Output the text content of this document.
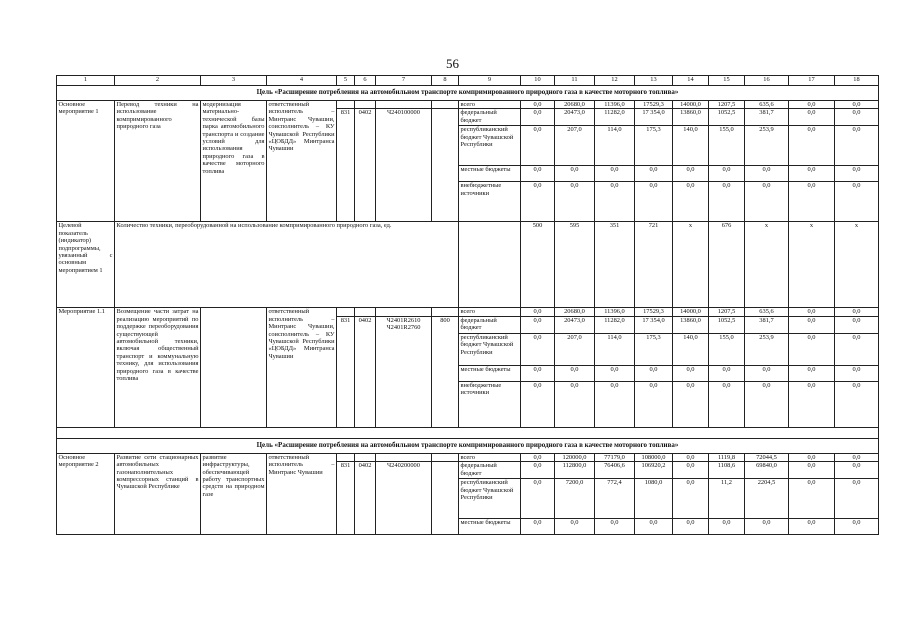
56
1	2	3	4	5	6	7	8	9	10	11	12	13	14	15	16	17	18
Цель «Расширение потребления на автомобильном транспорте компримированного природного газа в качестве моторного топлива»																	
Основное мероприятие 1	Перевод техники на использование компримированного природного газа	модернизация материально-технической базы парка автомобильного транспорта и создание условий для использования природного газа в качестве моторного топлива	ответственный исполнитель – Минтранс Чувашии, соисполнитель – КУ Чувашской Республики «ЦОБДД» Минтранса Чувашии					всего	0,0	20680,0	11396,0	17529,3	14000,0	1207,5	635,6	0,0	0,0
				831	0402	Ч240100000		федеральный бюджет	0,0	20473,0	11282,0	17 354,0	13860,0	1052,5	381,7	0,0	0,0
								республиканский бюджет Чувашской Республики	0,0	207,0	114,0	175,3	140,0	155,0	253,9	0,0	0,0
								местные бюджеты	0,0	0,0	0,0	0,0	0,0	0,0	0,0	0,0	0,0
								внебюджетные источники	0,0	0,0	0,0	0,0	0,0	0,0	0,0	0,0	0,0
Целевой показатель (индикатор) подпрограммы, увязанный с основным мероприятием 1	Количество техники, переоборудованной на использование компримированного природного газа, ед.								500	595	351	721	x	676	x	x	x
Мероприятие 1.1	Возмещение части затрат на реализацию мероприятий по поддержке переоборудования существующей автомобильной техники, включая общественный транспорт и коммунальную технику, для использования природного газа в качестве топлива		ответственный исполнитель – Минтранс Чувашии, соисполнитель – КУ Чувашской Республики «ЦОБДД» Минтранса Чувашии					всего	0,0	20680,0	11396,0	17529,3	14000,0	1207,5	635,6	0,0	0,0
				831	0402	Ч2401R2610 Ч2401R2760	800	федеральный бюджет	0,0	20473,0	11282,0	17 354,0	13860,0	1052,5	381,7	0,0	0,0
								республиканский бюджет Чувашской Республики	0,0	207,0	114,0	175,3	140,0	155,0	253,9	0,0	0,0
								местные бюджеты	0,0	0,0	0,0	0,0	0,0	0,0	0,0	0,0	0,0
								внебюджетные источники	0,0	0,0	0,0	0,0	0,0	0,0	0,0	0,0	0,0

Цель «Расширение потребления на автомобильном транспорте компримированного природного газа в качестве моторного топлива»																	
Основное мероприятие 2	Развитие сети стационарных автомобильных газонаполнительных компрессорных станций в Чувашской Республике	развитие инфраструктуры, обеспечивающей работу транспортных средств на природном газе	ответственный исполнитель – Минтранс Чувашии					всего	0,0	120000,0	77179,0	108000,0	0,0	1119,8	72044,5	0,0	0,0
				831	0402	Ч240200000		федеральный бюджет	0,0	112800,0	76406,6	106920,2	0,0	1108,6	69840,0	0,0	0,0
								республиканский бюджет Чувашской Республики	0,0	7200,0	772,4	1080,0	0,0	11,2	2204,5	0,0	0,0
								местные бюджеты	0,0	0,0	0,0	0,0	0,0	0,0	0,0	0,0	0,0
